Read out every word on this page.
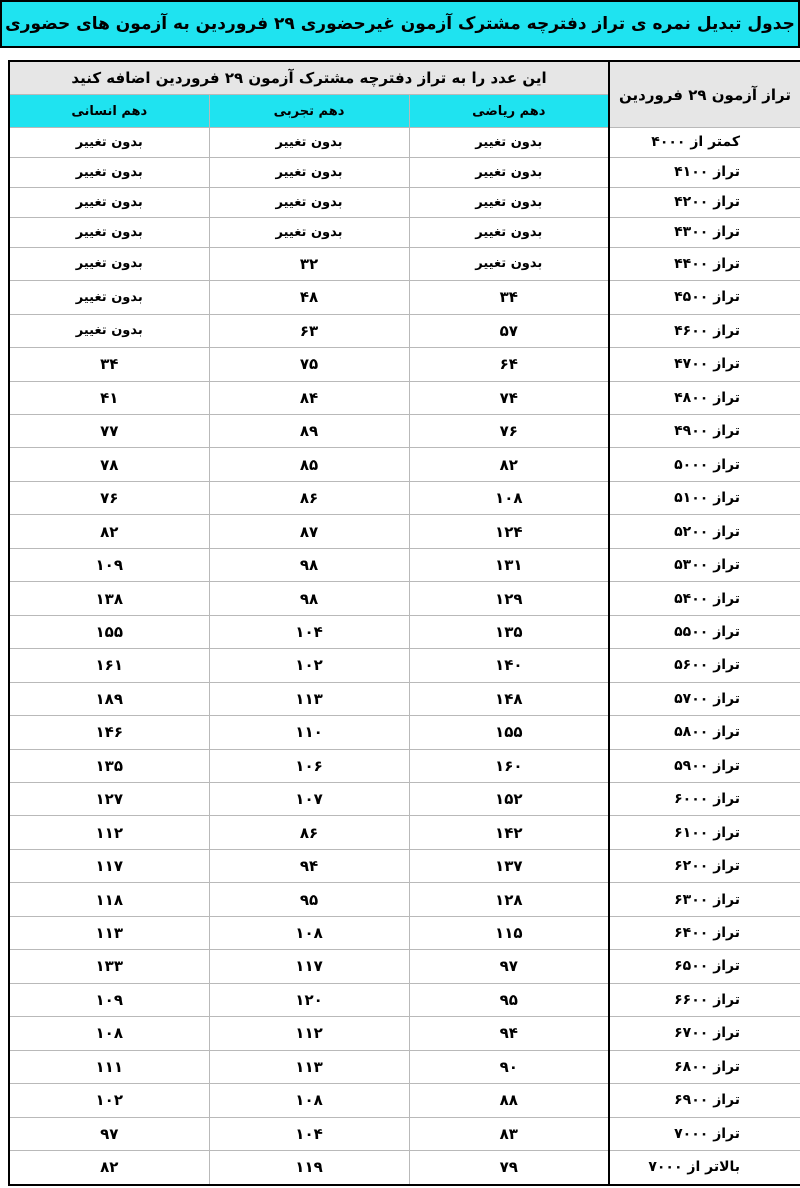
جدول تبدیل نمره ی تراز دفترچه مشترک آزمون غیرحضوری ۲۹ فروردین به آزمون های حضوری
تراز آزمون ۲۹ فروردین	این عدد را به تراز دفترچه مشترک آزمون ۲۹ فروردین اضافه کنید		
	دهم ریاضی	دهم تجربی	دهم انسانی
کمتر از ۴۰۰۰	بدون تغییر	بدون تغییر	بدون تغییر
تراز ۴۱۰۰	بدون تغییر	بدون تغییر	بدون تغییر
تراز ۴۲۰۰	بدون تغییر	بدون تغییر	بدون تغییر
تراز ۴۳۰۰	بدون تغییر	بدون تغییر	بدون تغییر
تراز ۴۴۰۰	بدون تغییر	۳۲	بدون تغییر
تراز ۴۵۰۰	۳۴	۴۸	بدون تغییر
تراز ۴۶۰۰	۵۷	۶۳	بدون تغییر
تراز ۴۷۰۰	۶۴	۷۵	۳۴
تراز ۴۸۰۰	۷۴	۸۴	۴۱
تراز ۴۹۰۰	۷۶	۸۹	۷۷
تراز ۵۰۰۰	۸۲	۸۵	۷۸
تراز ۵۱۰۰	۱۰۸	۸۶	۷۶
تراز ۵۲۰۰	۱۲۴	۸۷	۸۲
تراز ۵۳۰۰	۱۳۱	۹۸	۱۰۹
تراز ۵۴۰۰	۱۲۹	۹۸	۱۳۸
تراز ۵۵۰۰	۱۳۵	۱۰۴	۱۵۵
تراز ۵۶۰۰	۱۴۰	۱۰۲	۱۶۱
تراز ۵۷۰۰	۱۴۸	۱۱۳	۱۸۹
تراز ۵۸۰۰	۱۵۵	۱۱۰	۱۴۶
تراز ۵۹۰۰	۱۶۰	۱۰۶	۱۳۵
تراز ۶۰۰۰	۱۵۲	۱۰۷	۱۲۷
تراز ۶۱۰۰	۱۴۲	۸۶	۱۱۲
تراز ۶۲۰۰	۱۳۷	۹۴	۱۱۷
تراز ۶۳۰۰	۱۲۸	۹۵	۱۱۸
تراز ۶۴۰۰	۱۱۵	۱۰۸	۱۱۳
تراز ۶۵۰۰	۹۷	۱۱۷	۱۳۳
تراز ۶۶۰۰	۹۵	۱۲۰	۱۰۹
تراز ۶۷۰۰	۹۴	۱۱۲	۱۰۸
تراز ۶۸۰۰	۹۰	۱۱۳	۱۱۱
تراز ۶۹۰۰	۸۸	۱۰۸	۱۰۲
تراز ۷۰۰۰	۸۳	۱۰۴	۹۷
بالاتر از ۷۰۰۰	۷۹	۱۱۹	۸۲
